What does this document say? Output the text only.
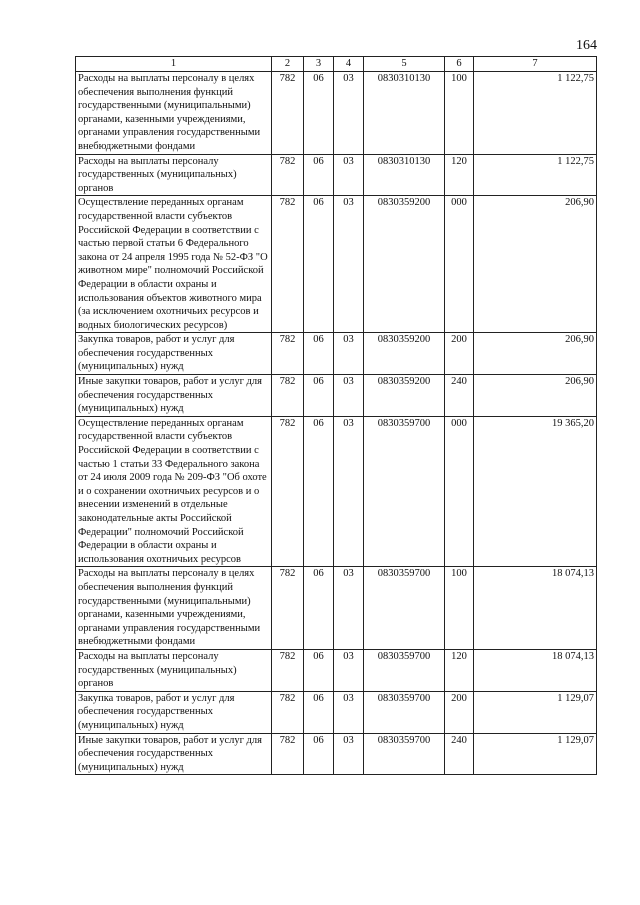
164
1	2	3	4	5	6	7
Расходы на выплаты персоналу в целях обеспечения выполнения функций государственными (муниципальными) органами, казенными учреждениями, органами управления государственными внебюджетными фондами	782	06	03	0830310130	100	1 122,75
Расходы на выплаты персоналу государственных (муниципальных) органов	782	06	03	0830310130	120	1 122,75
Осуществление переданных органам государственной власти субъектов Российской Федерации в соответствии с частью первой статьи 6 Федерального закона от 24 апреля 1995 года № 52-ФЗ "О животном мире" полномочий Российской Федерации в области охраны и использования объектов животного мира (за исключением охотничьих ресурсов и водных биологических ресурсов)	782	06	03	0830359200	000	206,90
Закупка товаров, работ и услуг для обеспечения государственных (муниципальных) нужд	782	06	03	0830359200	200	206,90
Иные закупки товаров, работ и услуг для обеспечения государственных (муниципальных) нужд	782	06	03	0830359200	240	206,90
Осуществление переданных органам государственной власти субъектов Российской Федерации в соответствии с частью 1 статьи 33 Федерального закона от 24 июля 2009 года № 209-ФЗ "Об охоте и о сохранении охотничьих ресурсов и о внесении изменений в отдельные законодательные акты Российской Федерации" полномочий Российской Федерации в области охраны и использования охотничьих ресурсов	782	06	03	0830359700	000	19 365,20
Расходы на выплаты персоналу в целях обеспечения выполнения функций государственными (муниципальными) органами, казенными учреждениями, органами управления государственными внебюджетными фондами	782	06	03	0830359700	100	18 074,13
Расходы на выплаты персоналу государственных (муниципальных) органов	782	06	03	0830359700	120	18 074,13
Закупка товаров, работ и услуг для обеспечения государственных (муниципальных) нужд	782	06	03	0830359700	200	1 129,07
Иные закупки товаров, работ и услуг для обеспечения государственных (муниципальных) нужд	782	06	03	0830359700	240	1 129,07
